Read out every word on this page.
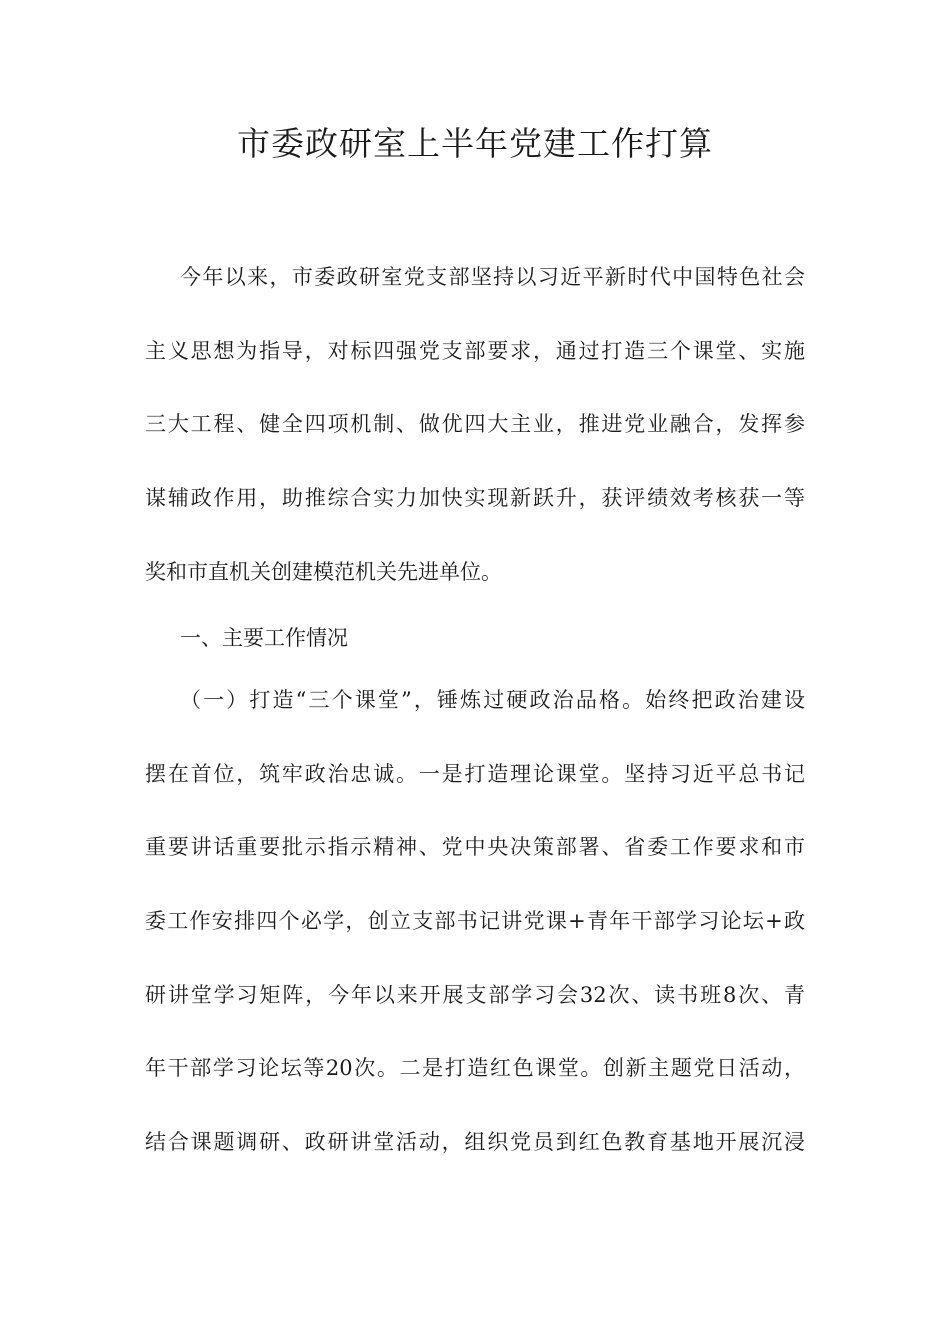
市委政研室上半年党建工作打算
今年以来，市委政研室党支部坚持以习近平新时代中国特色社会
主义思想为指导，对标四强党支部要求，通过打造三个课堂、实施
三大工程、健全四项机制、做优四大主业，推进党业融合，发挥参
谋辅政作用，助推综合实力加快实现新跃升，获评绩效考核获一等
奖和市直机关创建模范机关先进单位。
一、主要工作情况
（一）打造“三个课堂”，锤炼过硬政治品格。始终把政治建设
摆在首位，筑牢政治忠诚。一是打造理论课堂。坚持习近平总书记
重要讲话重要批示指示精神、党中央决策部署、省委工作要求和市
委工作安排四个必学，创立支部书记讲党课+青年干部学习论坛+政
研讲堂学习矩阵，今年以来开展支部学习会32次、读书班8次、青
年干部学习论坛等20次。二是打造红色课堂。创新主题党日活动，
结合课题调研、政研讲堂活动，组织党员到红色教育基地开展沉浸
